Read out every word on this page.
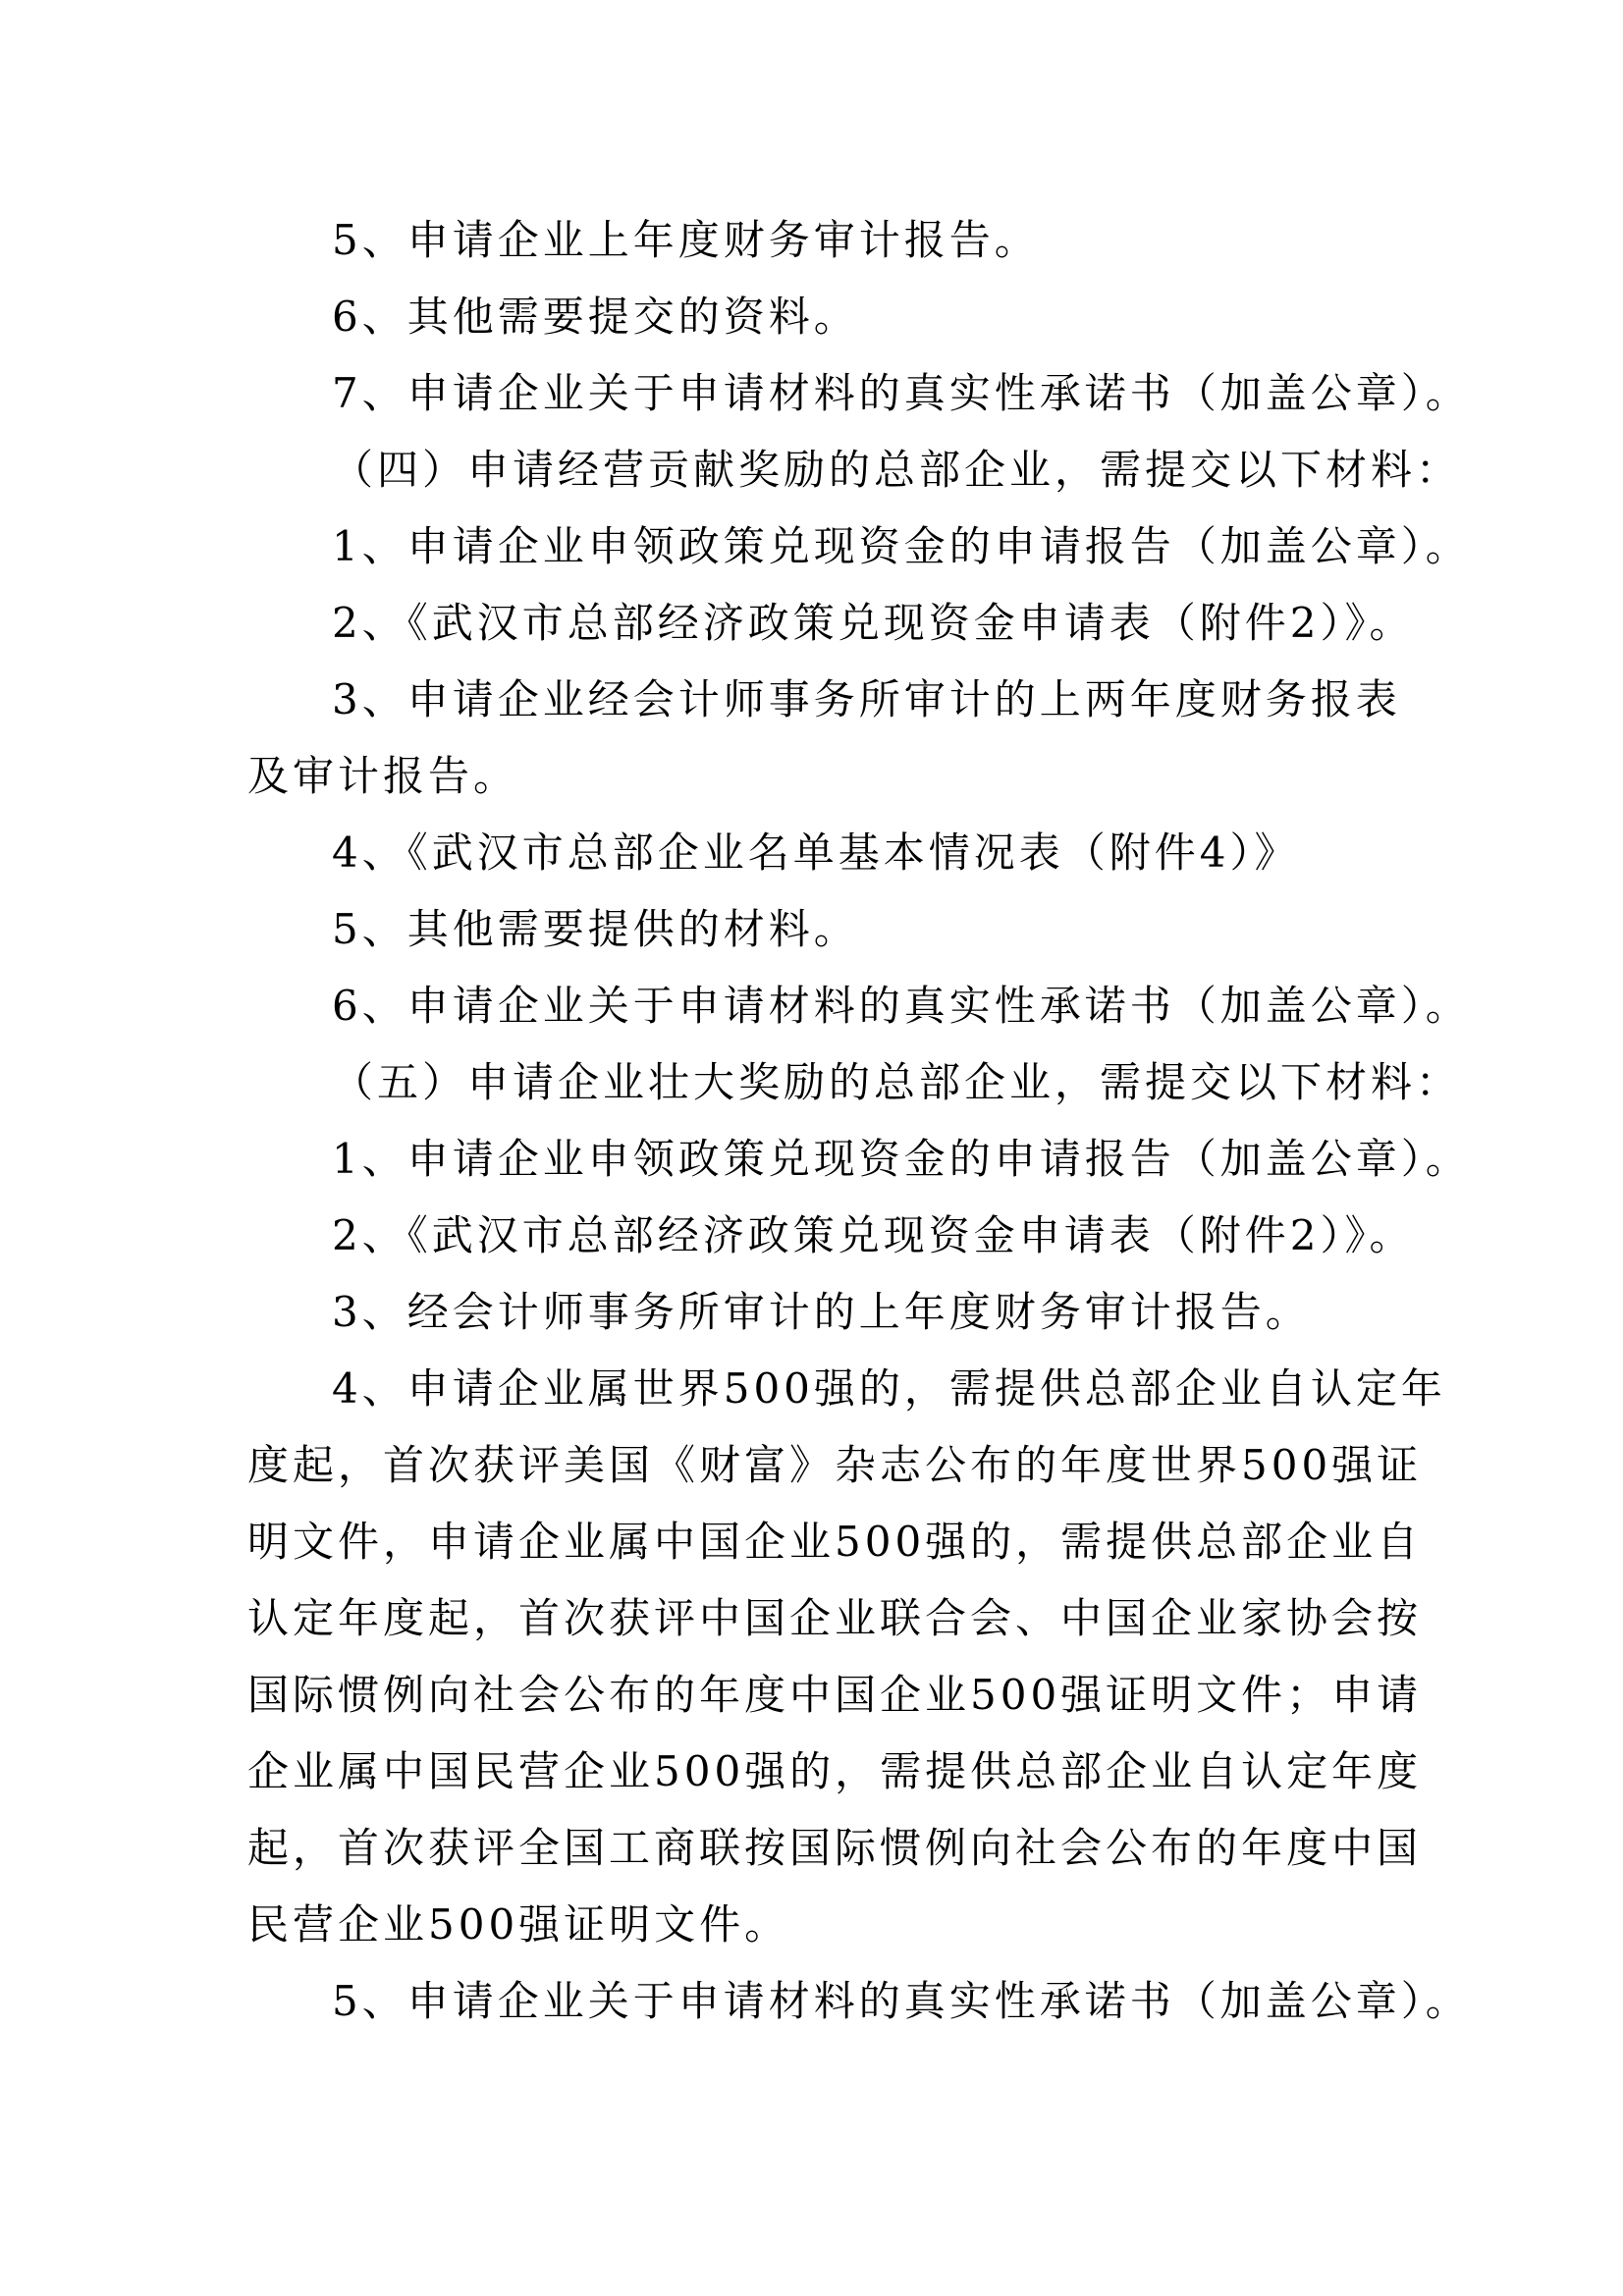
5、申请企业上年度财务审计报告。
6、其他需要提交的资料。
7、申请企业关于申请材料的真实性承诺书（加盖公章）。
（四）申请经营贡献奖励的总部企业，需提交以下材料：
1、申请企业申领政策兑现资金的申请报告（加盖公章）。
2、《武汉市总部经济政策兑现资金申请表（附件2）》。
3、申请企业经会计师事务所审计的上两年度财务报表
及审计报告。
4、《武汉市总部企业名单基本情况表（附件4）》
5、其他需要提供的材料。
6、申请企业关于申请材料的真实性承诺书（加盖公章）。
（五）申请企业壮大奖励的总部企业，需提交以下材料：
1、申请企业申领政策兑现资金的申请报告（加盖公章）。
2、《武汉市总部经济政策兑现资金申请表（附件2）》。
3、经会计师事务所审计的上年度财务审计报告。
4、申请企业属世界500强的，需提供总部企业自认定年
度起，首次获评美国《财富》杂志公布的年度世界500强证
明文件，申请企业属中国企业500强的，需提供总部企业自
认定年度起，首次获评中国企业联合会、中国企业家协会按
国际惯例向社会公布的年度中国企业500强证明文件；申请
企业属中国民营企业500强的，需提供总部企业自认定年度
起，首次获评全国工商联按国际惯例向社会公布的年度中国
民营企业500强证明文件。
5、申请企业关于申请材料的真实性承诺书（加盖公章）。
